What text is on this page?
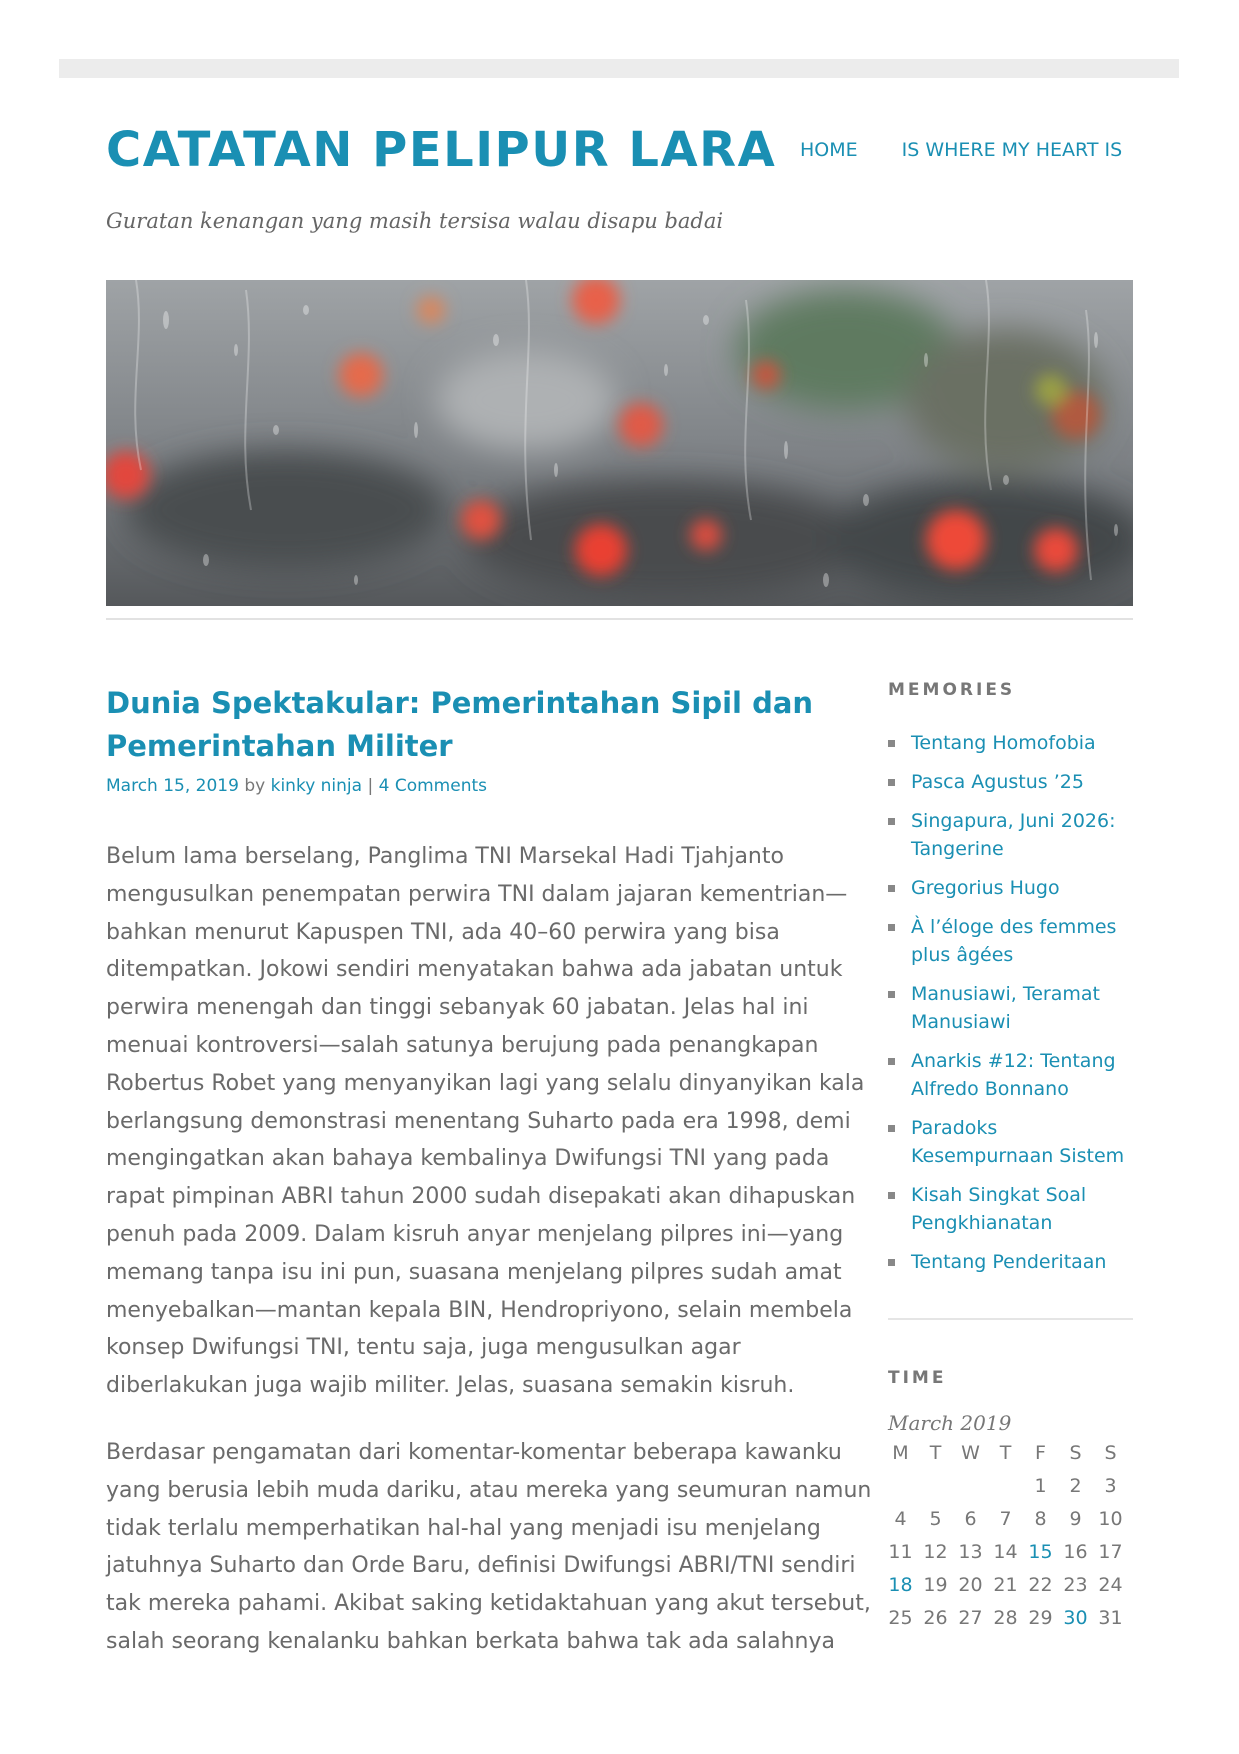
CATATAN PELIPUR LARA HOME IS WHERE MY HEART IS

Guratan kenangan yang masih tersisa walau disapu badai

Dunia Spektakular: Pemerintahan Sipil dan Pemerintahan Militer
March 15, 2019 by kinky ninja | 4 Comments

Belum lama berselang, Panglima TNI Marsekal Hadi Tjahjanto mengusulkan penempatan perwira TNI dalam jajaran kementrian— bahkan menurut Kapuspen TNI, ada 40–60 perwira yang bisa ditempatkan. Jokowi sendiri menyatakan bahwa ada jabatan untuk perwira menengah dan tinggi sebanyak 60 jabatan. Jelas hal ini menuai kontroversi—salah satunya berujung pada penangkapan Robertus Robet yang menyanyikan lagi yang selalu dinyanyikan kala berlangsung demonstrasi menentang Suharto pada era 1998, demi mengingatkan akan bahaya kembalinya Dwifungsi TNI yang pada rapat pimpinan ABRI tahun 2000 sudah disepakati akan dihapuskan penuh pada 2009. Dalam kisruh anyar menjelang pilpres ini—yang memang tanpa isu ini pun, suasana menjelang pilpres sudah amat menyebalkan—mantan kepala BIN, Hendropriyono, selain membela konsep Dwifungsi TNI, tentu saja, juga mengusulkan agar diberlakukan juga wajib militer. Jelas, suasana semakin kisruh.

Berdasar pengamatan dari komentar-komentar beberapa kawanku yang berusia lebih muda dariku, atau mereka yang seumuran namun tidak terlalu memperhatikan hal-hal yang menjadi isu menjelang jatuhnya Suharto dan Orde Baru, definisi Dwifungsi ABRI/TNI sendiri tak mereka pahami. Akibat saking ketidaktahuan yang akut tersebut, salah seorang kenalanku bahkan berkata bahwa tak ada salahnya

MEMORIES
Tentang Homofobia
Pasca Agustus ’25
Singapura, Juni 2026: Tangerine
Gregorius Hugo
À l’éloge des femmes plus âgées
Manusiawi, Teramat Manusiawi
Anarkis #12: Tentang Alfredo Bonnano
Paradoks Kesempurnaan Sistem
Kisah Singkat Soal Pengkhianatan
Tentang Penderitaan
TIME
March 2019
M	T	W	T	F	S	S
				1	2	3
4	5	6	7	8	9	10
11	12	13	14	15	16	17
18	19	20	21	22	23	24
25	26	27	28	29	30	31
